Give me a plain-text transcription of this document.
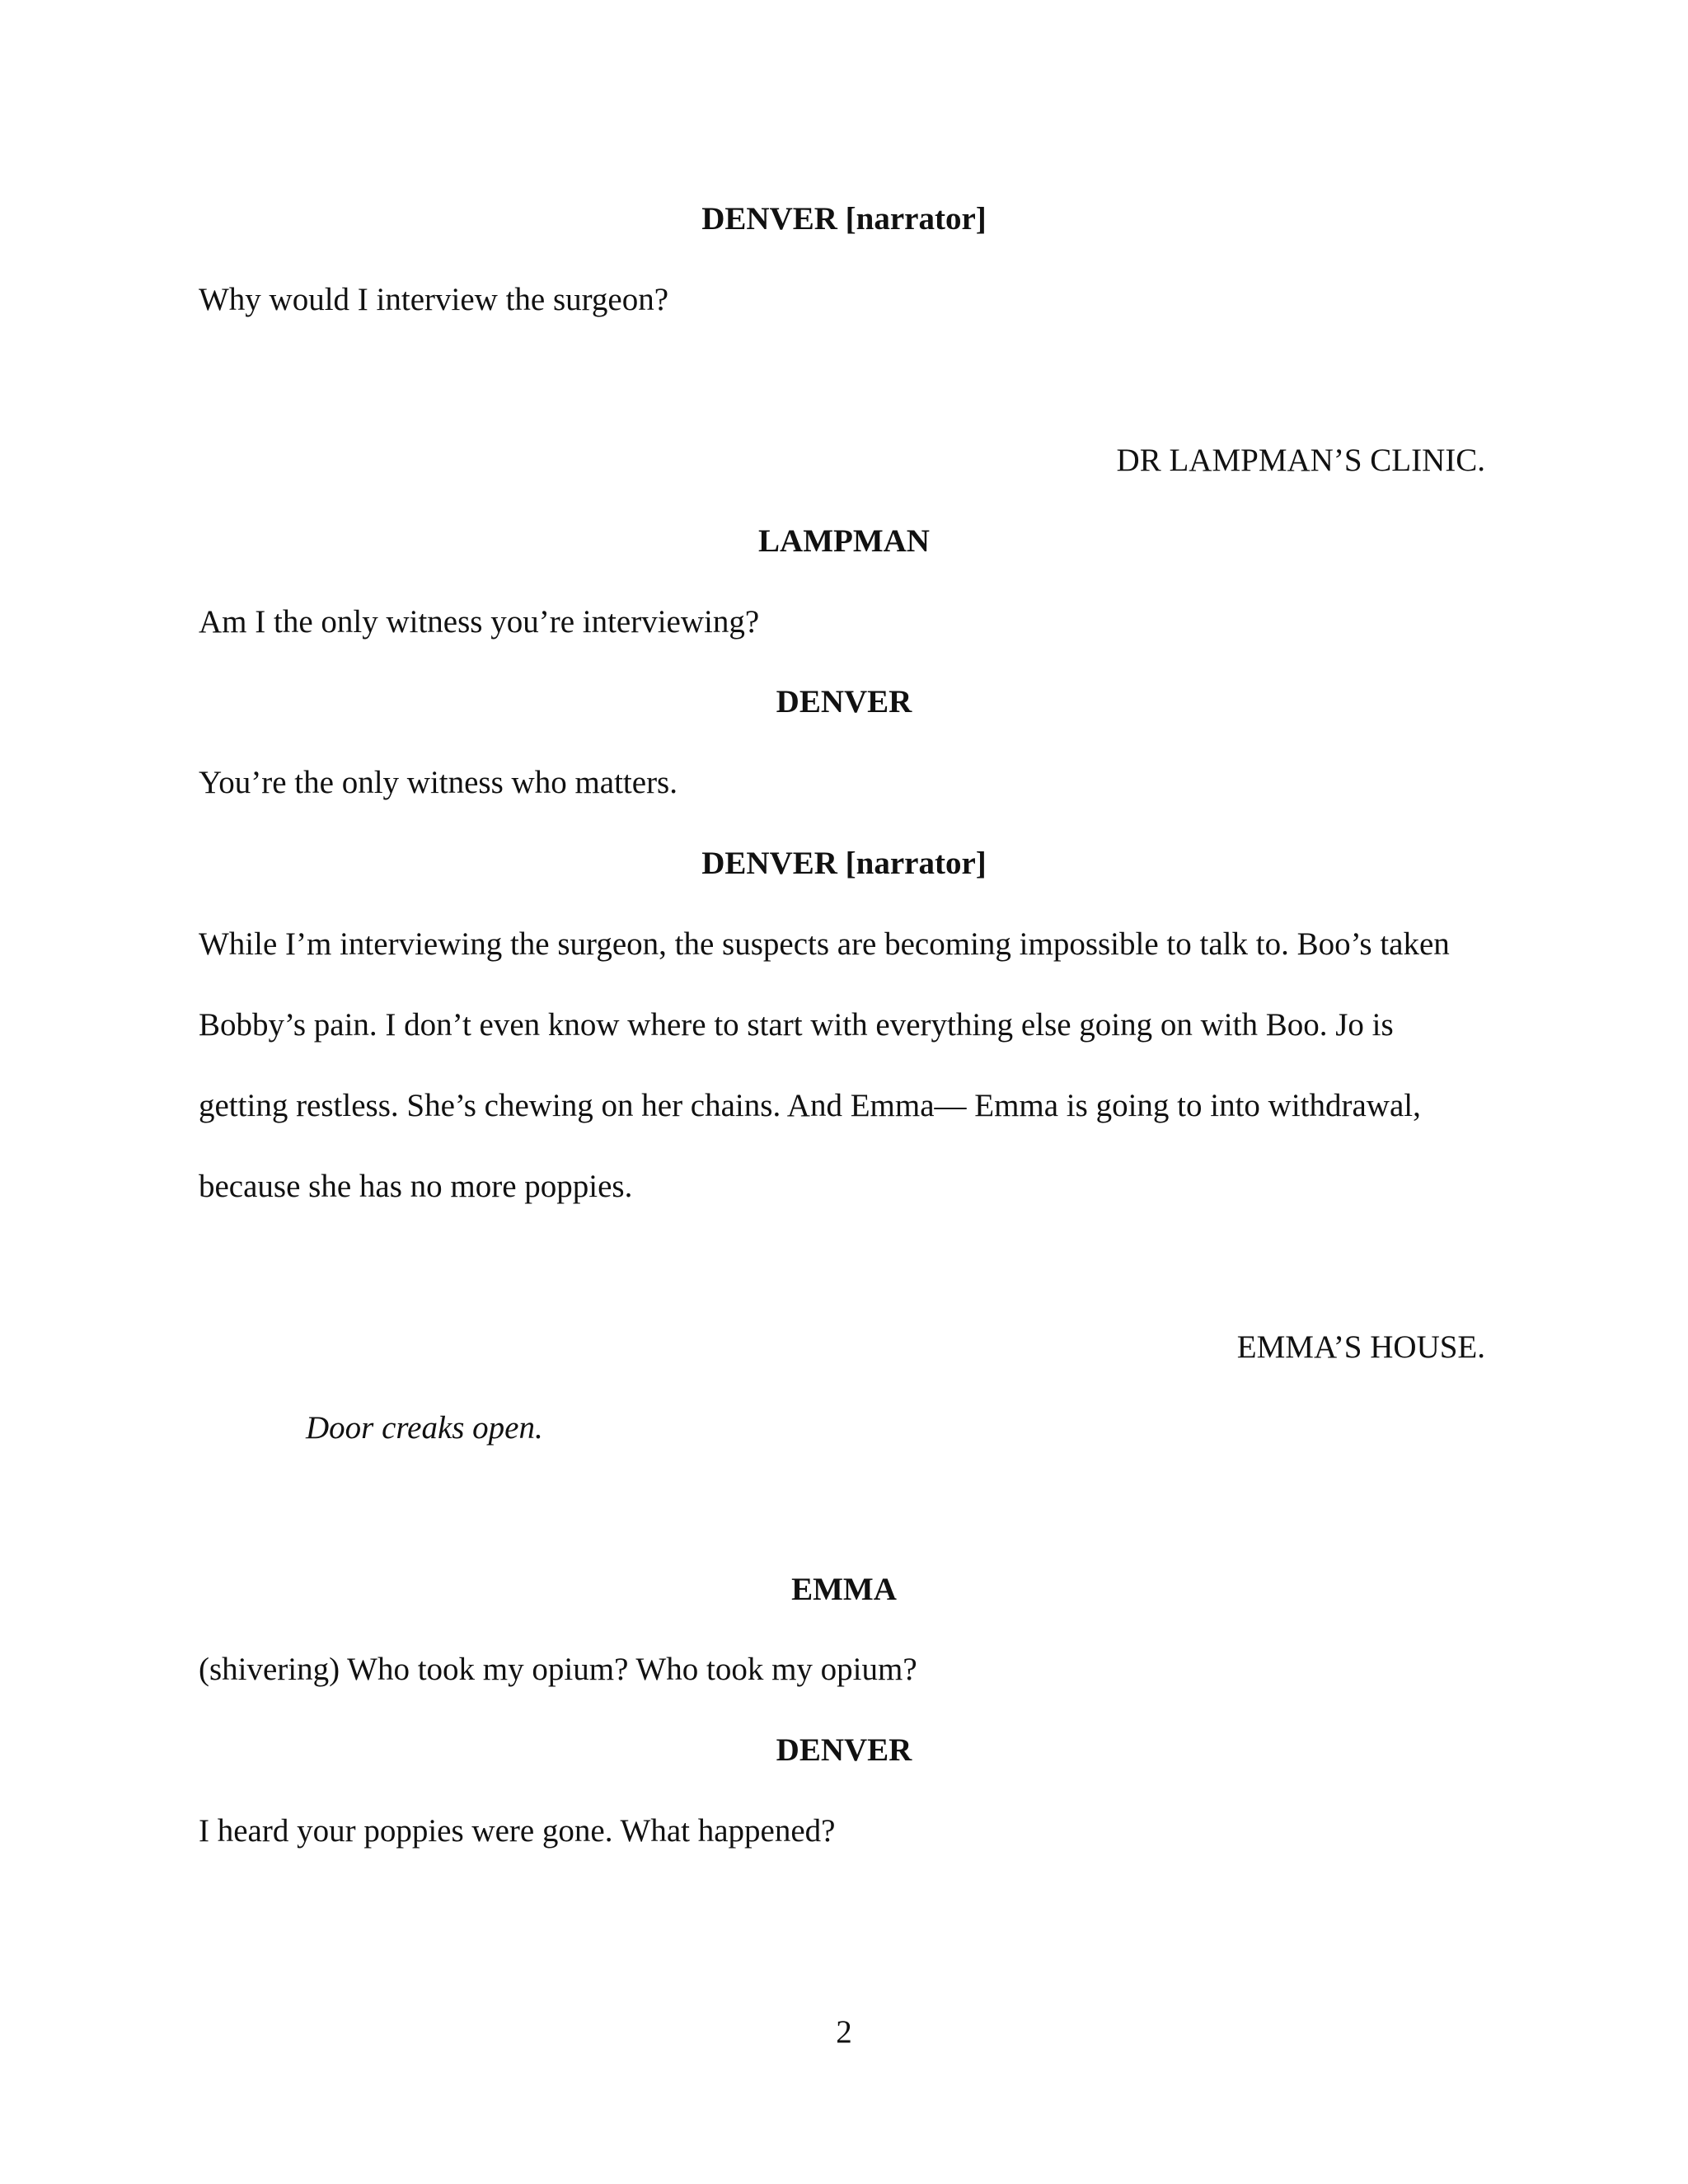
DENVER [narrator]
Why would I interview the surgeon?
DR LAMPMAN’S CLINIC.
LAMPMAN
Am I the only witness you’re interviewing?
DENVER
You’re the only witness who matters.
DENVER [narrator]
While I’m interviewing the surgeon, the suspects are becoming impossible to talk to. Boo’s taken
Bobby’s pain. I don’t even know where to start with everything else going on with Boo. Jo is
getting restless. She’s chewing on her chains. And Emma— Emma is going to into withdrawal,
because she has no more poppies.
EMMA’S HOUSE.
Door creaks open.
EMMA
(shivering) Who took my opium? Who took my opium?
DENVER
I heard your poppies were gone. What happened?
2
